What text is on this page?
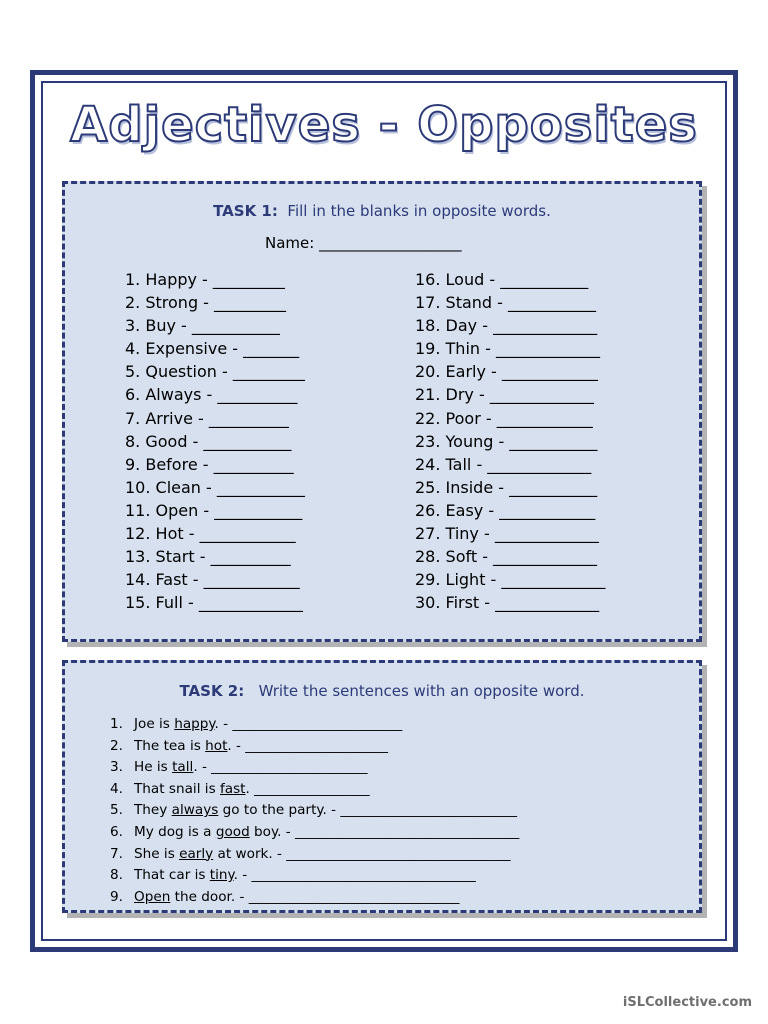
Adjectives - Opposites
TASK 1: Fill in the blanks in opposite words.
Name: ___________________
1. Happy - _________
2. Strong - _________
3. Buy - ___________
4. Expensive - _______
5. Question - _________
6. Always - __________
7. Arrive - __________
8. Good - ___________
9. Before - __________
10. Clean - ___________
11. Open - ___________
12. Hot - ____________
13. Start - __________
14. Fast - ____________
15. Full - _____________
16. Loud - ___________
17. Stand - ___________
18. Day - _____________
19. Thin - _____________
20. Early - ____________
21. Dry - _____________
22. Poor - ____________
23. Young - ___________
24. Tall - _____________
25. Inside - ___________
26. Easy - ____________
27. Tiny - _____________
28. Soft - _____________
29. Light - _____________
30. First - _____________
TASK 2: Write the sentences with an opposite word.
1. Joe is happy. - _________________________
2. The tea is hot. - _____________________
3. He is tall. - _______________________
4. That snail is fast. _________________
5. They always go to the party. - __________________________
6. My dog is a good boy. - _________________________________
7. She is early at work. - _________________________________
8. That car is tiny. - _________________________________
9. Open the door. - _______________________________
iSLCollective.com
